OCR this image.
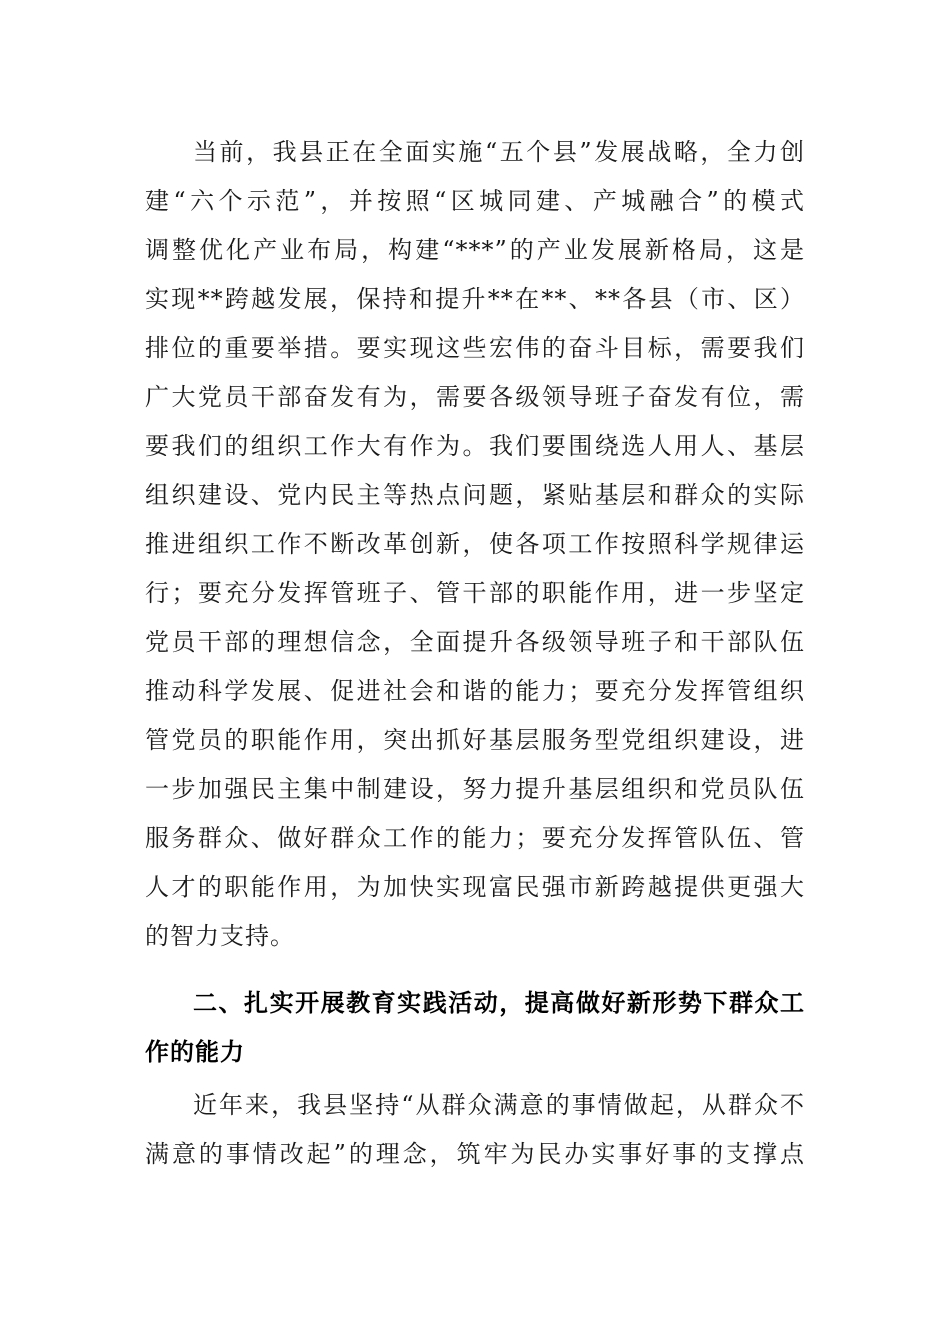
当前，我县正在全面实施“五个县”发展战略，全力创
建“六个示范”，并按照“区城同建、产城融合”的模式
调整优化产业布局，构建“***”的产业发展新格局，这是
实现**跨越发展，保持和提升**在**、**各县（市、区）
排位的重要举措。要实现这些宏伟的奋斗目标，需要我们
广大党员干部奋发有为，需要各级领导班子奋发有位，需
要我们的组织工作大有作为。我们要围绕选人用人、基层
组织建设、党内民主等热点问题，紧贴基层和群众的实际
推进组织工作不断改革创新，使各项工作按照科学规律运
行；要充分发挥管班子、管干部的职能作用，进一步坚定
党员干部的理想信念，全面提升各级领导班子和干部队伍
推动科学发展、促进社会和谐的能力；要充分发挥管组织
管党员的职能作用，突出抓好基层服务型党组织建设，进
一步加强民主集中制建设，努力提升基层组织和党员队伍
服务群众、做好群众工作的能力；要充分发挥管队伍、管
人才的职能作用，为加快实现富民强市新跨越提供更强大
的智力支持。
二、扎实开展教育实践活动，提高做好新形势下群众工
作的能力
近年来，我县坚持“从群众满意的事情做起，从群众不
满意的事情改起”的理念，筑牢为民办实事好事的支撑点
